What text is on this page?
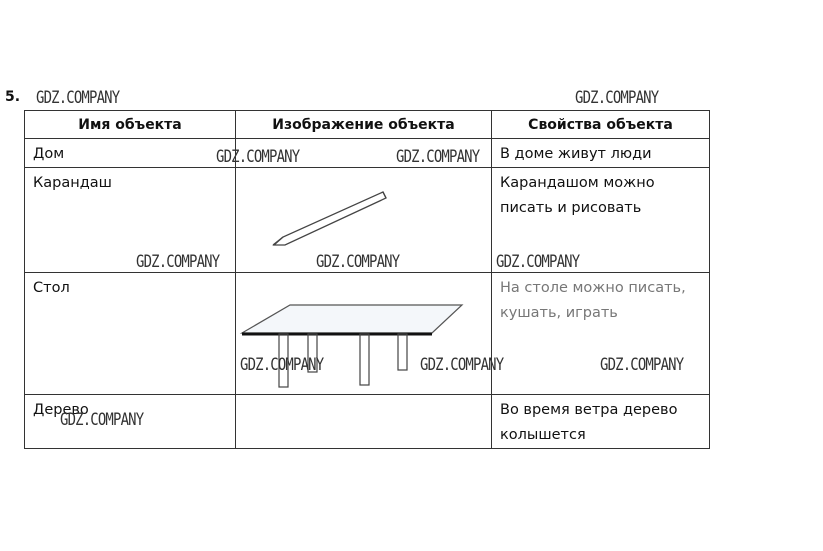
5.
Имя объекта	Изображение объекта	Свойства объекта

Дом		В доме живут люди

Карандаш		Карандашом можно писать и рисовать

Стол		На столе можно писать, кушать, играть

Дерево		Во время ветра дерево колышется
GDZ.COMPANY	GDZ.COMPANY
GDZ.COMPANY	GDZ.COMPANY
GDZ.COMPANY	GDZ.COMPANY	GDZ.COMPANY
GDZ.COMPANY	GDZ.COMPANY	GDZ.COMPANY
GDZ.COMPANY
